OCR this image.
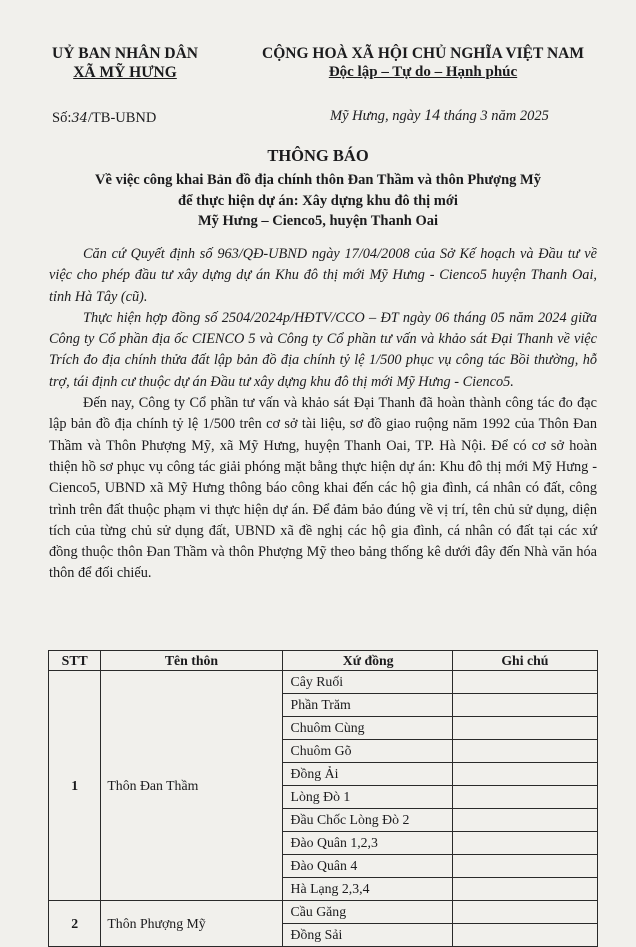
UỶ BAN NHÂN DÂN
XÃ MỸ HƯNG
CỘNG HOÀ XÃ HỘI CHỦ NGHĨA VIỆT NAM
Độc lập – Tự do – Hạnh phúc
Số:34/TB-UBND	Mỹ Hưng, ngày 14 tháng 3 năm 2025
THÔNG BÁO
Về việc công khai Bản đồ địa chính thôn Đan Thầm và thôn Phượng Mỹ
để thực hiện dự án: Xây dựng khu đô thị mới
Mỹ Hưng – Cienco5, huyện Thanh Oai

Căn cứ Quyết định số 963/QĐ-UBND ngày 17/04/2008 của Sở Kế hoạch và Đầu tư về việc cho phép đầu tư xây dựng dự án Khu đô thị mới Mỹ Hưng - Cienco5 huyện Thanh Oai, tỉnh Hà Tây (cũ).

Thực hiện hợp đồng số 2504/2024p/HĐTV/CCO – ĐT ngày 06 tháng 05 năm 2024 giữa Công ty Cổ phần địa ốc CIENCO 5 và Công ty Cổ phần tư vấn và khảo sát Đại Thanh về việc Trích đo địa chính thửa đất lập bản đồ địa chính tỷ lệ 1/500 phục vụ công tác Bồi thường, hỗ trợ, tái định cư thuộc dự án Đầu tư xây dựng khu đô thị mới Mỹ Hưng - Cienco5.

Đến nay, Công ty Cổ phần tư vấn và khảo sát Đại Thanh đã hoàn thành công tác đo đạc lập bản đồ địa chính tỷ lệ 1/500 trên cơ sở tài liệu, sơ đồ giao ruộng năm 1992 của Thôn Đan Thầm và Thôn Phượng Mỹ, xã Mỹ Hưng, huyện Thanh Oai, TP. Hà Nội. Để có cơ sở hoàn thiện hồ sơ phục vụ công tác giải phóng mặt bằng thực hiện dự án: Khu đô thị mới Mỹ Hưng - Cienco5, UBND xã Mỹ Hưng thông báo công khai đến các hộ gia đình, cá nhân có đất, công trình trên đất thuộc phạm vi thực hiện dự án. Để đảm bảo đúng về vị trí, tên chủ sử dụng, diện tích của từng chủ sử dụng đất, UBND xã đề nghị các hộ gia đình, cá nhân có đất tại các xứ đồng thuộc thôn Đan Thầm và thôn Phượng Mỹ theo bảng thống kê dưới đây đến Nhà văn hóa thôn để đối chiếu.

STT	Tên thôn	Xứ đồng	Ghi chú
1	Thôn Đan Thầm	Cây Ruối	
		Phần Trăm	
		Chuôm Cùng	
		Chuôm Gõ	
		Đồng Ải	
		Lòng Đò 1	
		Đầu Chốc Lòng Đò 2	
		Đào Quân 1,2,3	
		Đào Quân 4	
		Hà Lạng 2,3,4	
2	Thôn Phượng Mỹ	Cầu Găng	
		Đồng Sải	
